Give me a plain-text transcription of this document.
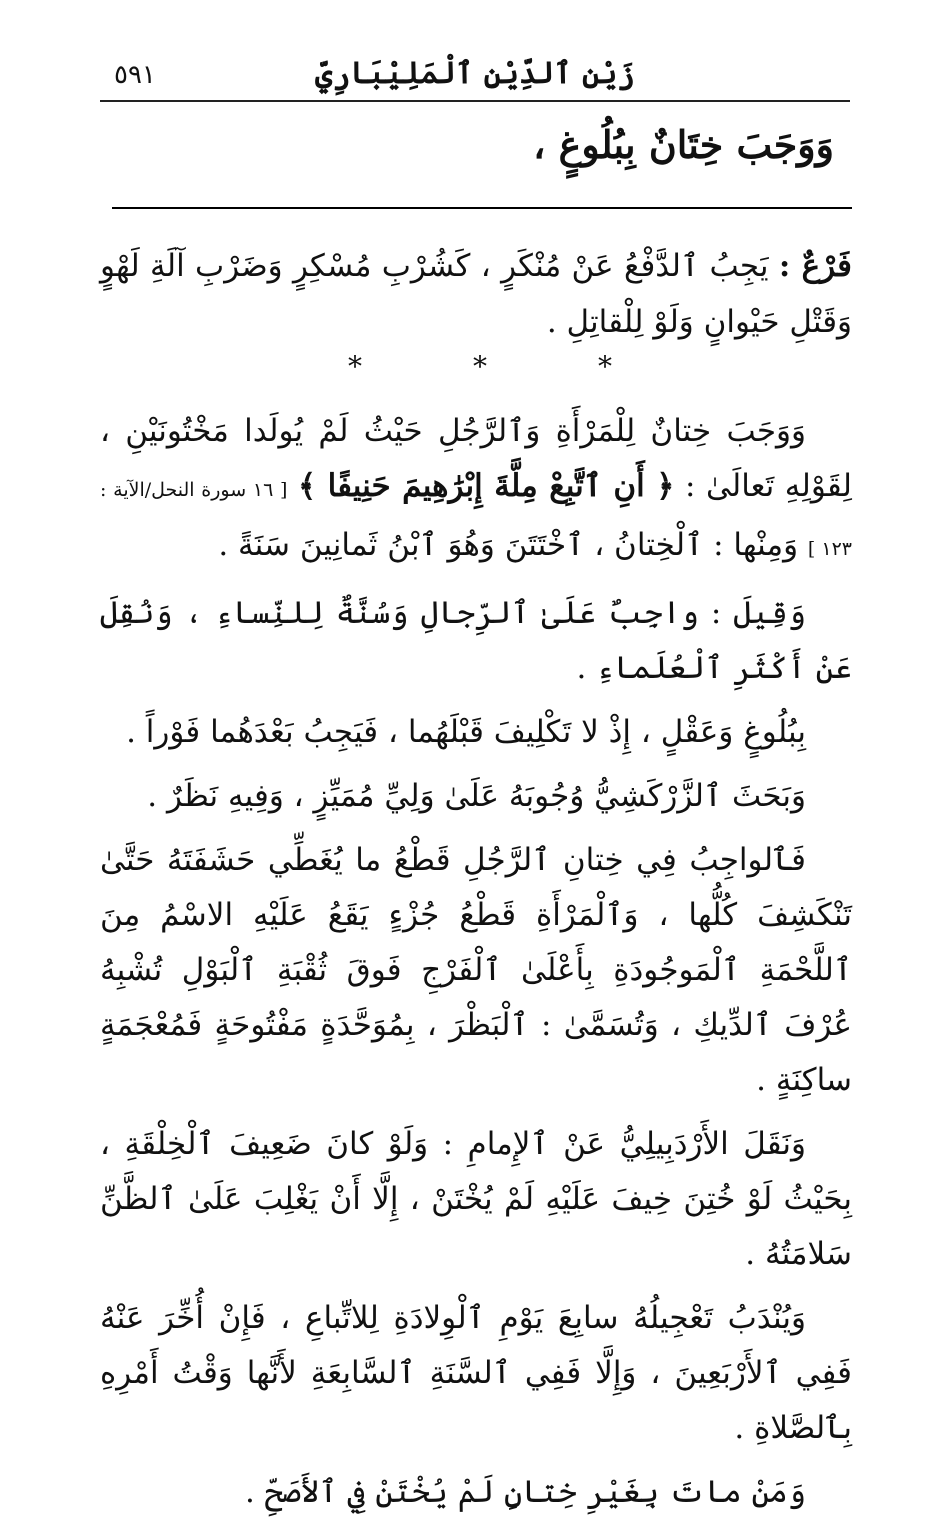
٥٩١	زَيْن ٱلدِّيْنِ ٱلْمَلِيْبَارِيّ
وَوَجَبَ خِتَانٌ بِبُلُوغٍ ،
فَرْعٌ : يَجِبُ ٱلدَّفْعُ عَنْ مُنْكَرٍ ، كَشُرْبِ مُسْكِرٍ وَضَرْبِ آلَةِ لَهْوٍ وَقَتْلِ حَيْوانٍ وَلَوْ لِلْقاتِلِ .
*	*	*

وَوَجَبَ خِتانٌ لِلْمَرْأَةِ وَٱلرَّجُلِ حَيْثُ لَمْ يُولَدا مَخْتُونَيْنِ ، لِقَوْلِهِ تَعالَىٰ : ﴿ أَنِ ٱتَّبِعْ مِلَّةَ إِبْرَٰهِيمَ حَنِيفًا ﴾ [ ١٦ سورة النحل/الآية : ١٢٣ ] وَمِنْها : ٱلْخِتانُ ، ٱخْتَتَنَ وَهُوَ ٱبْنُ ثَمانِينَ سَنَةً .

وَقِيلَ : واجِبٌ عَلَىٰ ٱلرِّجالِ وَسُنَّةٌ لِلنِّساءِ ، وَنُقِلَ عَنْ أَكْثَرِ ٱلْعُلَماءِ .

بِبُلُوغٍ وَعَقْلٍ ، إِذْ لا تَكْلِيفَ قَبْلَهُما ، فَيَجِبُ بَعْدَهُما فَوْراً .

وَبَحَثَ ٱلزَّرْكَشِيُّ وُجُوبَهُ عَلَىٰ وَلِيِّ مُمَيِّزٍ ، وَفِيهِ نَظَرٌ .

فَٱلواجِبُ فِي خِتانِ ٱلرَّجُلِ قَطْعُ ما يُغَطِّي حَشَفَتَهُ حَتَّىٰ تَنْكَشِفَ كُلُّها ، وَٱلْمَرْأَةِ قَطْعُ جُزْءٍ يَقَعُ عَلَيْهِ الاسْمُ مِنَ ٱللَّحْمَةِ ٱلْمَوجُودَةِ بِأَعْلَىٰ ٱلْفَرْجِ فَوقَ ثُقْبَةِ ٱلْبَوْلِ تُشْبِهُ عُرْفَ ٱلدِّيكِ ، وَتُسَمَّىٰ : ٱلْبَظْرَ ، بِمُوَحَّدَةٍ مَفْتُوحَةٍ فَمُعْجَمَةٍ ساكِنَةٍ .

وَنَقَلَ الأَرْدَبِيلِيُّ عَنْ ٱلإِمامِ : وَلَوْ كانَ ضَعِيفَ ٱلْخِلْقَةِ ، بِحَيْثُ لَوْ خُتِنَ خِيفَ عَلَيْهِ لَمْ يُخْتَنْ ، إِلَّا أَنْ يَغْلِبَ عَلَىٰ ٱلظَّنِّ سَلامَتُهُ .

وَيُنْدَبُ تَعْجِيلُهُ سابِعَ يَوْمِ ٱلْوِلادَةِ لِلاتِّباعِ ، فَإِنْ أُخِّرَ عَنْهُ فَفِي ٱلأَرْبَعِينَ ، وَإِلَّا فَفِي ٱلسَّنَةِ ٱلسَّابِعَةِ لأَنَّها وَقْتُ أَمْرِهِ بِٱلصَّلاةِ .

وَمَنْ ماتَ بِغَيْرِ خِتانٍ لَمْ يُخْتَنْ فِي ٱلأَصَحِّ .
